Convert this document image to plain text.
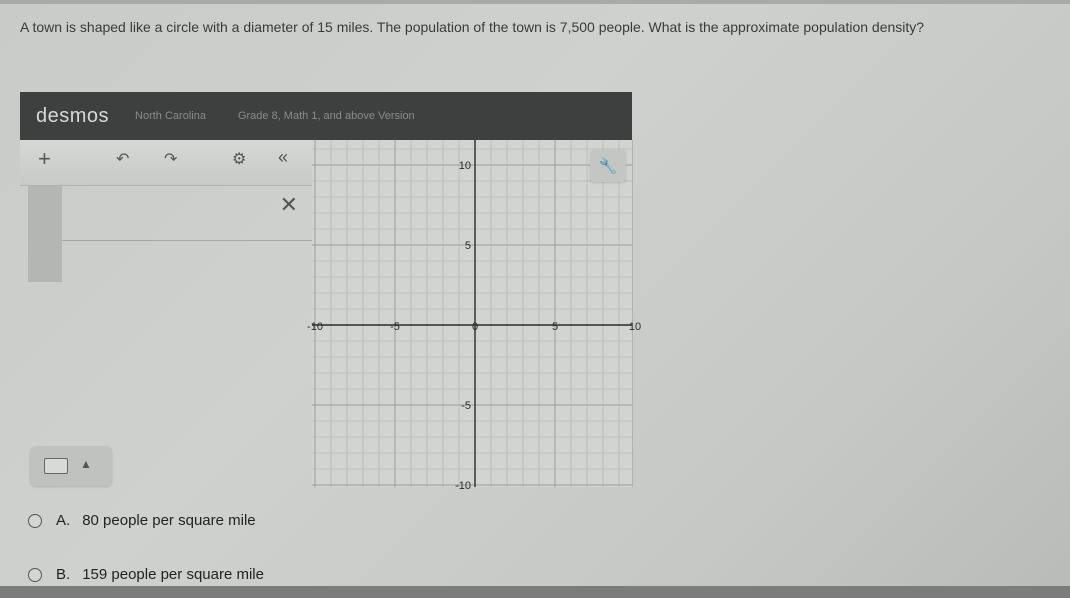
A town is shaped like a circle with a diameter of 15 miles. The population of the town is 7,500 people. What is the approximate population density?
desmos North Carolina	Grade 8, Math 1, and above Version
+	↶ ↷	⚙ «
✕
▲
-10	-5	0	5	10
10
5
-5
-10
🔧
A. 80 people per square mile
B. 159 people per square mile
